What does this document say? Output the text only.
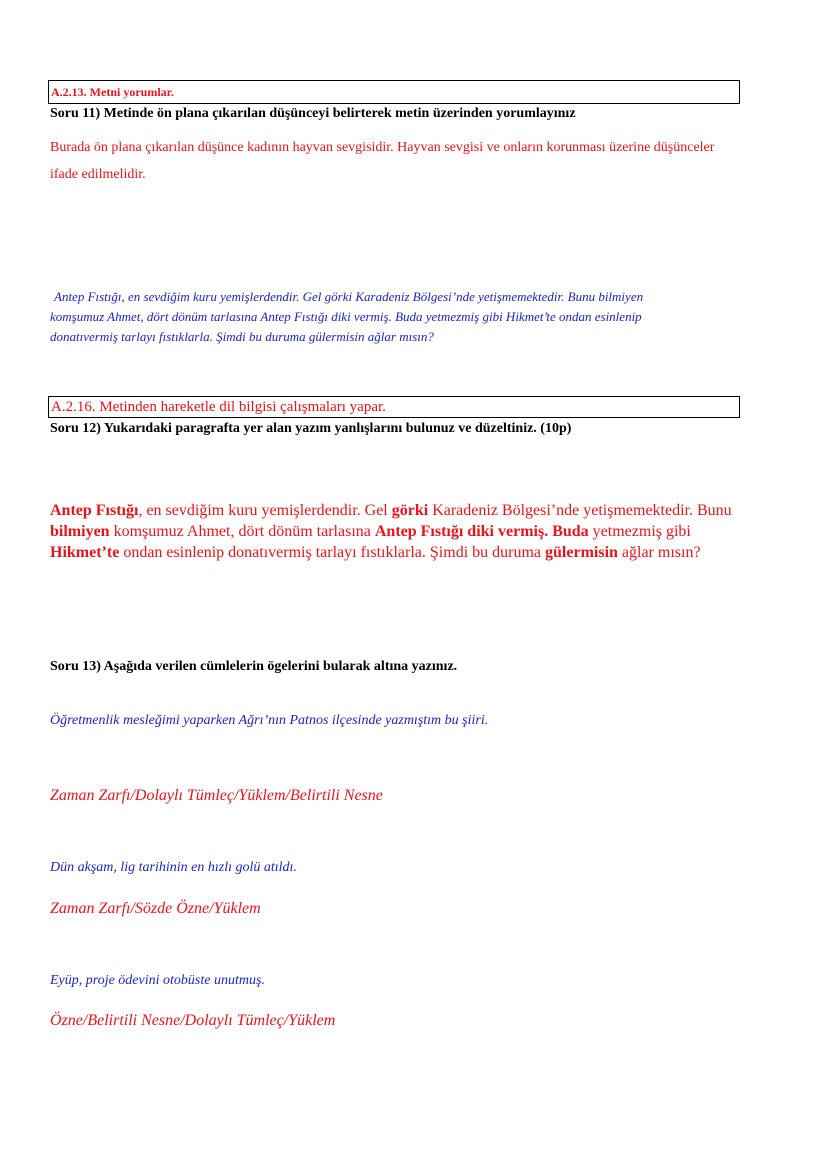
A.2.13. Metni yorumlar.
Soru 11) Metinde ön plana çıkarılan düşünceyi belirterek metin üzerinden yorumlayınız
Burada ön plana çıkarılan düşünce kadının hayvan sevgisidir. Hayvan sevgisi ve onların korunması üzerine düşünceler
ifade edilmelidir.
Antep Fıstığı, en sevdiğim kuru yemişlerdendir. Gel görki Karadeniz Bölgesi’nde yetişmemektedir. Bunu bilmiyen
komşumuz Ahmet, dört dönüm tarlasına Antep Fıstığı diki vermiş. Buda yetmezmiş gibi Hikmet’te ondan esinlenip
donatıvermiş tarlayı fıstıklarla. Şimdi bu duruma gülermisin ağlar mısın?
A.2.16. Metinden hareketle dil bilgisi çalışmaları yapar.
Soru 12) Yukarıdaki paragrafta yer alan yazım yanlışlarını bulunuz ve düzeltiniz. (10p)
Antep Fıstığı, en sevdiğim kuru yemişlerdendir. Gel görki Karadeniz Bölgesi’nde yetişmemektedir. Bunu
bilmiyen komşumuz Ahmet, dört dönüm tarlasına Antep Fıstığı diki vermiş. Buda yetmezmiş gibi
Hikmet’te ondan esinlenip donatıvermiş tarlayı fıstıklarla. Şimdi bu duruma gülermisin ağlar mısın?
Soru 13) Aşağıda verilen cümlelerin ögelerini bularak altına yazınız.
Öğretmenlik mesleğimi yaparken Ağrı’nın Patnos ilçesinde yazmıştım bu şiiri.
Zaman Zarfı/Dolaylı Tümleç/Yüklem/Belirtili Nesne
Dün akşam, lig tarihinin en hızlı golü atıldı.
Zaman Zarfı/Sözde Özne/Yüklem
Eyüp, proje ödevini otobüste unutmuş.
Özne/Belirtili Nesne/Dolaylı Tümleç/Yüklem
